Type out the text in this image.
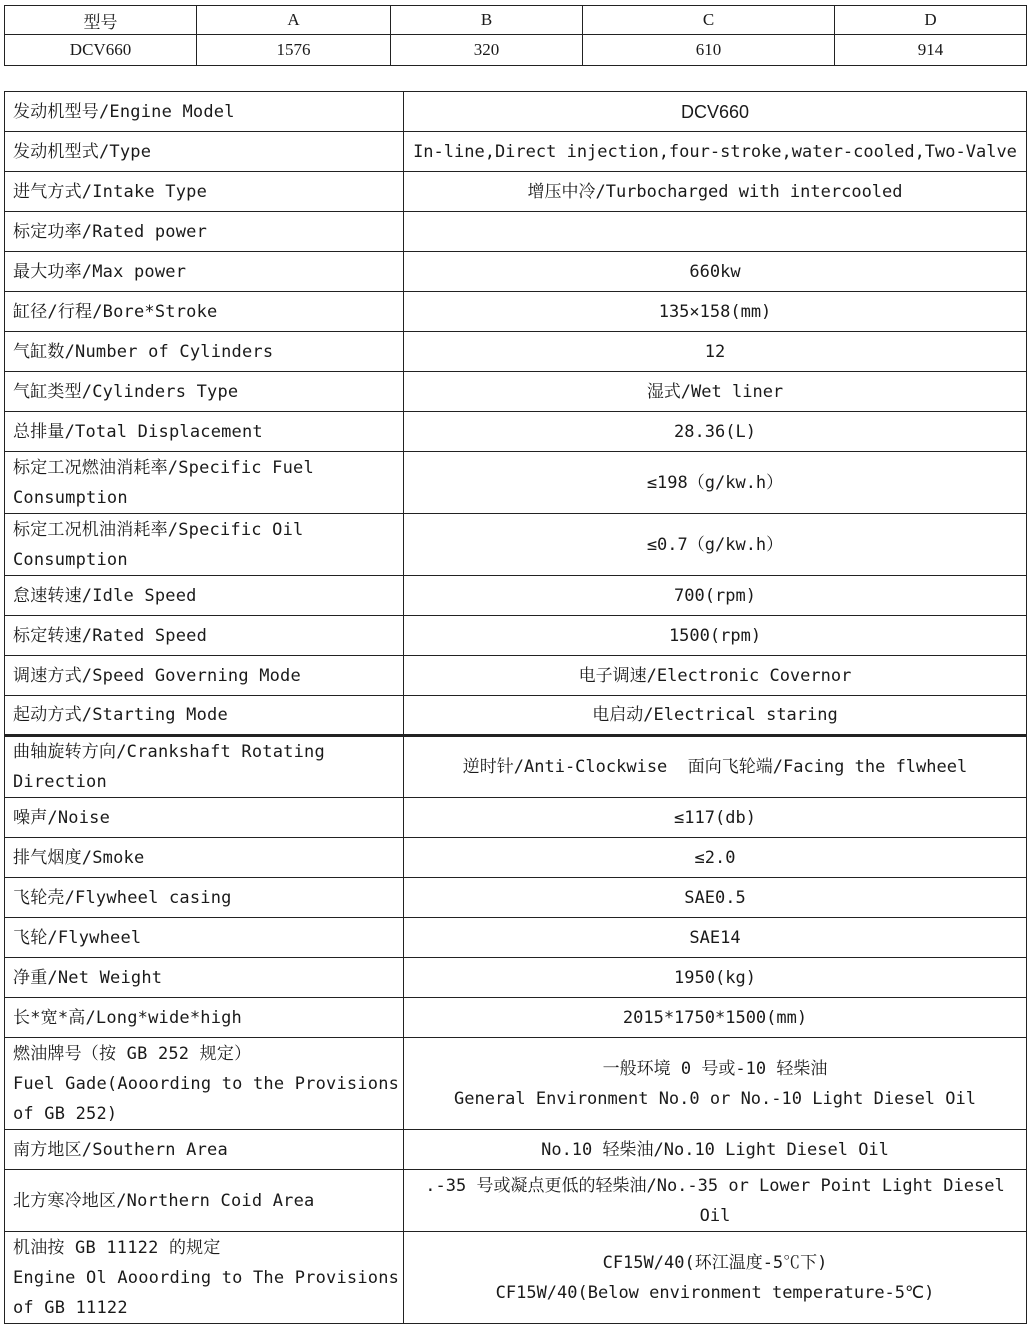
型号	A	B	C	D
DCV660	1576	320	610	914
发动机型号/Engine Model	DCV660

发动机型式/Type	In-line,Direct injection,four-stroke,water-cooled,Two-Valve

进气方式/Intake Type	增压中冷/Turbocharged with intercooled

标定功率/Rated power	

最大功率/Max power	660kw

缸径/行程/Bore*Stroke	135×158(mm)

气缸数/Number of Cylinders	12

气缸类型/Cylinders Type	湿式/Wet liner

总排量/Total Displacement	28.36(L)

标定工况燃油消耗率/Specific Fuel
Consumption	≤198（g/kw.h）

标定工况机油消耗率/Specific Oil
Consumption	≤0.7（g/kw.h）

怠速转速/Idle Speed	700(rpm)

标定转速/Rated Speed	1500(rpm)

调速方式/Speed Governing Mode	电子调速/Electronic Covernor

起动方式/Starting Mode	电启动/Electrical staring

曲轴旋转方向/Crankshaft Rotating
Direction	逆时针/Anti-Clockwise  面向飞轮端/Facing the flwheel

噪声/Noise	≤117(db)

排气烟度/Smoke	≤2.0

飞轮壳/Flywheel casing	SAE0.5

飞轮/Flywheel	SAE14

净重/Net Weight	1950(kg)

长*宽*高/Long*wide*high	2015*1750*1500(mm)

燃油牌号（按 GB 252 规定）
Fuel Gade(Aooording to the Provisions
of GB 252)	一般环境 0 号或-10 轻柴油
General Environment No.0 or No.-10 Light Diesel Oil

南方地区/Southern Area	No.10 轻柴油/No.10 Light Diesel Oil

北方寒冷地区/Northern Coid Area	.-35 号或凝点更低的轻柴油/No.-35 or Lower Point Light Diesel
Oil

机油按 GB 11122 的规定
Engine Ol Aooording to The Provisions
of GB 11122	CF15W/40(环江温度-5℃下)
CF15W/40(Below environment temperature-5℃)
